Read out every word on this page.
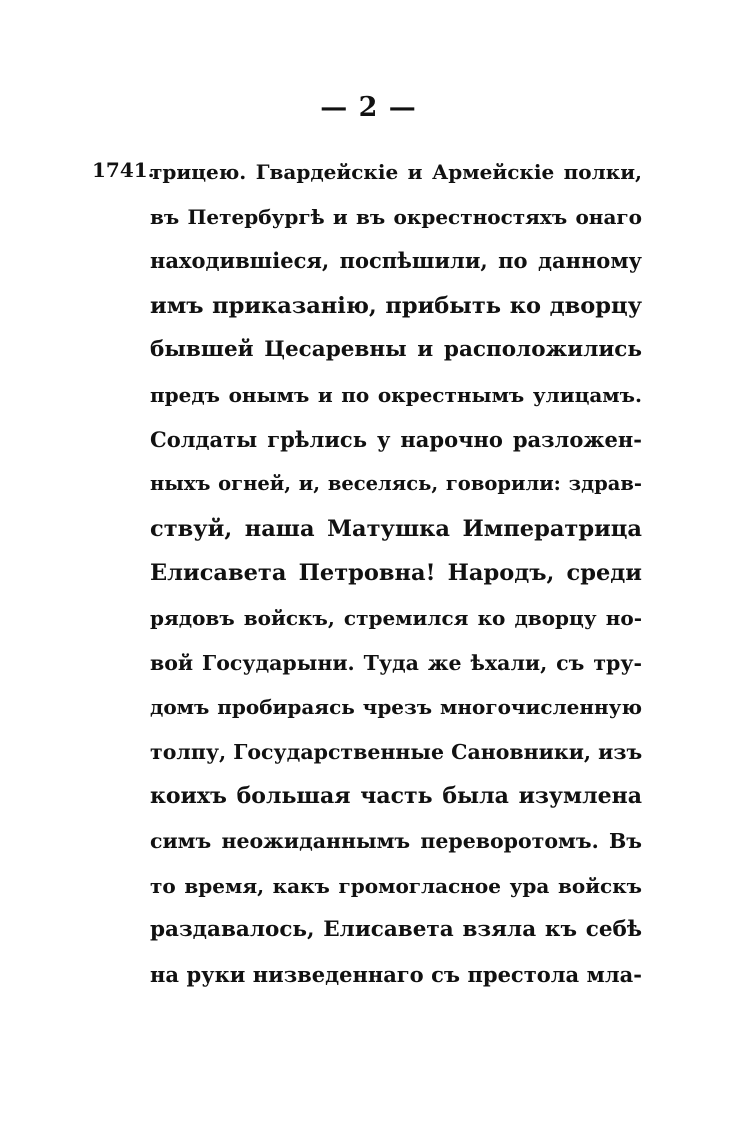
— 2 —
1741.
трицею. Гвардейскіе и Армейскіе полки,
въ Петербургѣ и въ окрестностяхъ онаго
находившіеся, поспѣшили, по данному
имъ приказанію, прибыть ко дворцу
бывшей Цесаревны и расположились
предъ онымъ и по окрестнымъ улицамъ.
Солдаты грѣлись у нарочно разложен-
ныхъ огней, и, веселясь, говорили: здрав-
ствуй, наша Матушка Императрица
Елисавета Петровна! Народъ, среди
рядовъ войскъ, стремился ко дворцу но-
вой Государыни. Туда же ѣхали, съ тру-
домъ пробираясь чрезъ многочисленную
толпу, Государственные Сановники, изъ
коихъ большая часть была изумлена
симъ неожиданнымъ переворотомъ. Въ
то время, какъ громогласное ура войскъ
раздавалось, Елисавета взяла къ себѣ
на руки низведеннаго съ престола мла-
